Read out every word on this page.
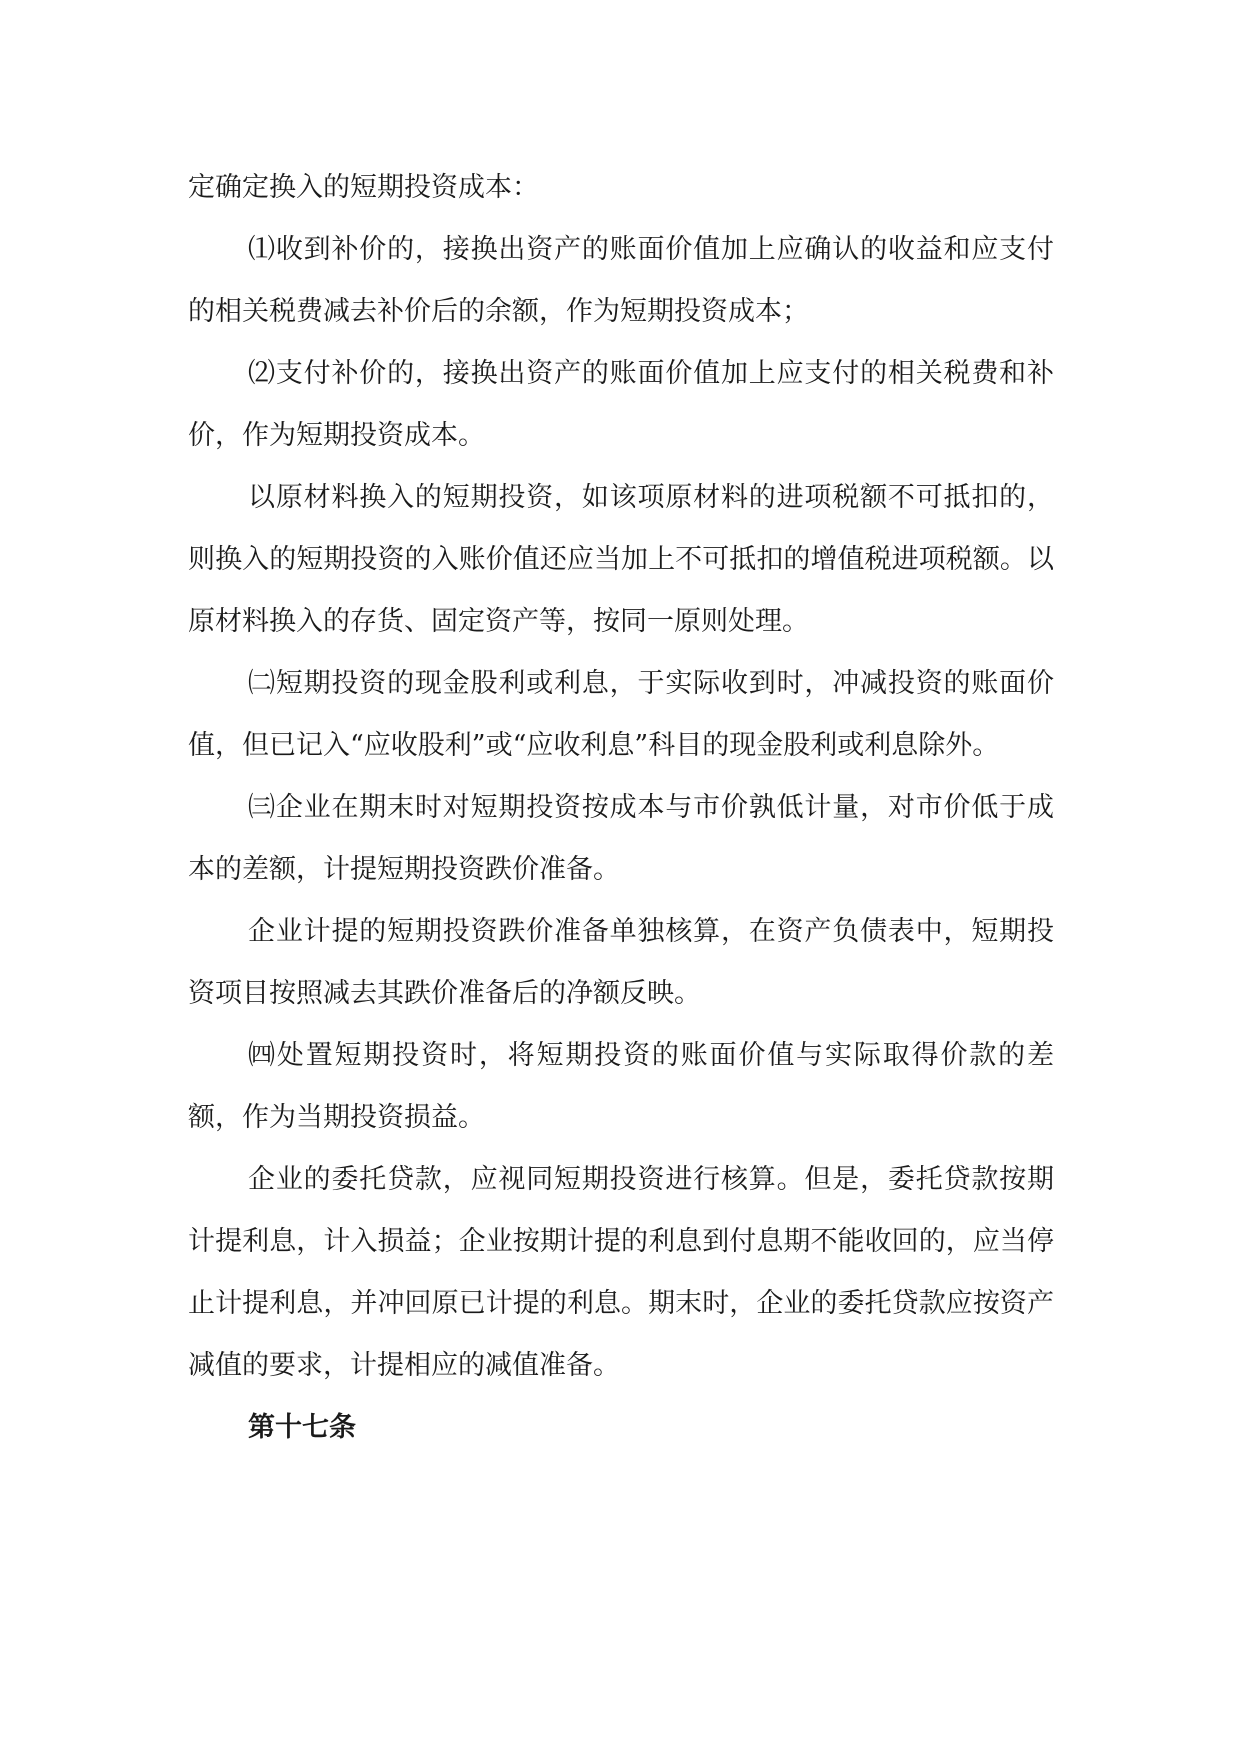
定确定换入的短期投资成本：

⑴收到补价的，接换出资产的账面价值加上应确认的收益和应支付的相关税费减去补价后的余额，作为短期投资成本；

⑵支付补价的，接换出资产的账面价值加上应支付的相关税费和补价，作为短期投资成本。

以原材料换入的短期投资，如该项原材料的进项税额不可抵扣的，则换入的短期投资的入账价值还应当加上不可抵扣的增值税进项税额。以原材料换入的存货、固定资产等，按同一原则处理。

㈡短期投资的现金股利或利息，于实际收到时，冲减投资的账面价值，但已记入“应收股利”或“应收利息”科目的现金股利或利息除外。

㈢企业在期末时对短期投资按成本与市价孰低计量，对市价低于成本的差额，计提短期投资跌价准备。

企业计提的短期投资跌价准备单独核算，在资产负债表中，短期投资项目按照减去其跌价准备后的净额反映。

㈣处置短期投资时，将短期投资的账面价值与实际取得价款的差额，作为当期投资损益。

企业的委托贷款，应视同短期投资进行核算。但是，委托贷款按期计提利息，计入损益；企业按期计提的利息到付息期不能收回的，应当停止计提利息，并冲回原已计提的利息。期末时，企业的委托贷款应按资产减值的要求，计提相应的减值准备。

第十七条
